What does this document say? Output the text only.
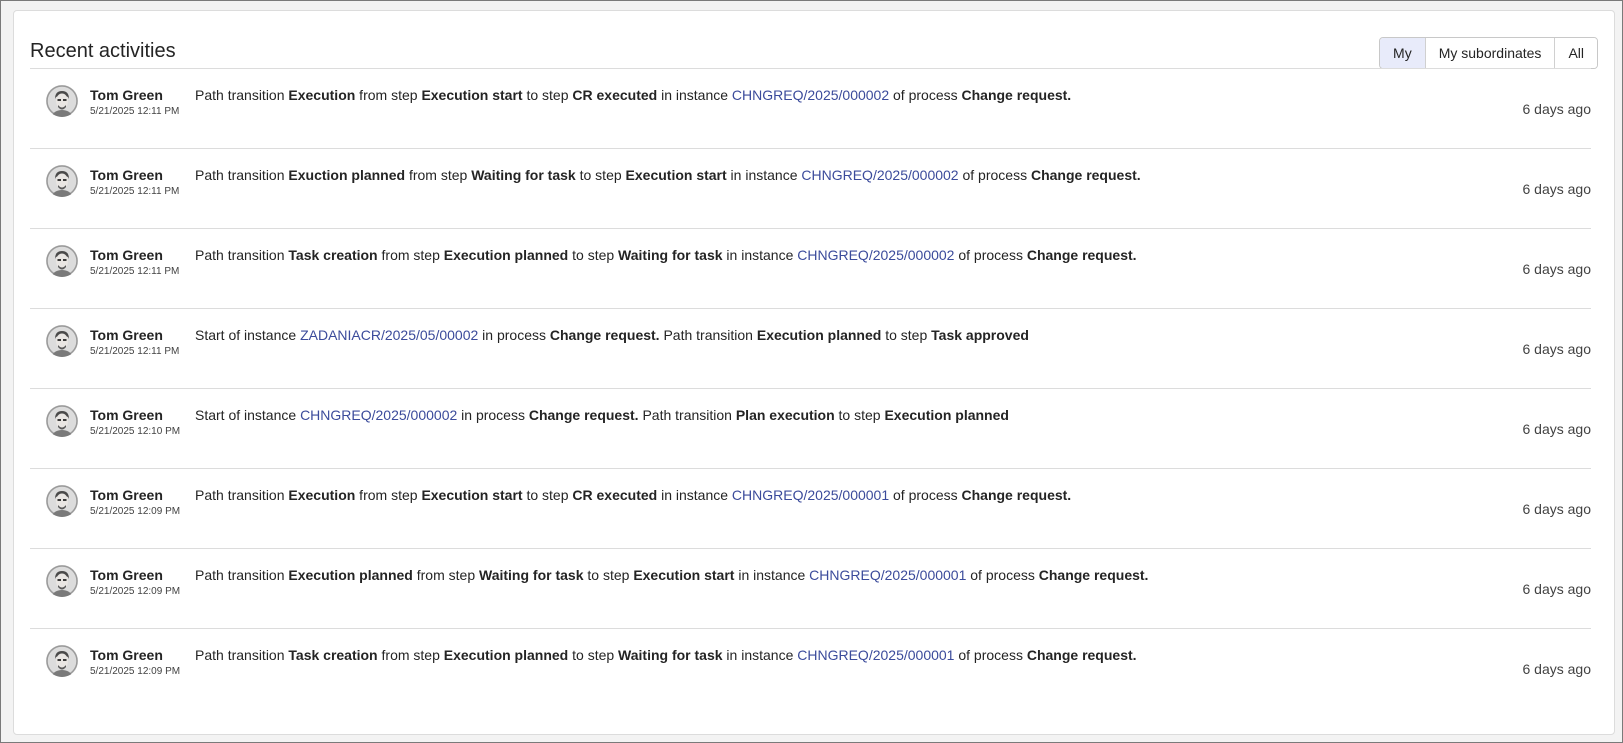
Recent activities	My	My subordinates	All
Tom Green
5/21/2025 12:11 PM
Path transition Execution from step Execution start to step CR executed in instance CHNGREQ/2025/000002 of process Change request.
6 days ago
Tom Green
5/21/2025 12:11 PM
Path transition Exuction planned from step Waiting for task to step Execution start in instance CHNGREQ/2025/000002 of process Change request.
6 days ago
Tom Green
5/21/2025 12:11 PM
Path transition Task creation from step Execution planned to step Waiting for task in instance CHNGREQ/2025/000002 of process Change request.
6 days ago
Tom Green
5/21/2025 12:11 PM
Start of instance ZADANIACR/2025/05/00002 in process Change request. Path transition Execution planned to step Task approved
6 days ago
Tom Green
5/21/2025 12:10 PM
Start of instance CHNGREQ/2025/000002 in process Change request. Path transition Plan execution to step Execution planned
6 days ago
Tom Green
5/21/2025 12:09 PM
Path transition Execution from step Execution start to step CR executed in instance CHNGREQ/2025/000001 of process Change request.
6 days ago
Tom Green
5/21/2025 12:09 PM
Path transition Execution planned from step Waiting for task to step Execution start in instance CHNGREQ/2025/000001 of process Change request.
6 days ago
Tom Green
5/21/2025 12:09 PM
Path transition Task creation from step Execution planned to step Waiting for task in instance CHNGREQ/2025/000001 of process Change request.
6 days ago
